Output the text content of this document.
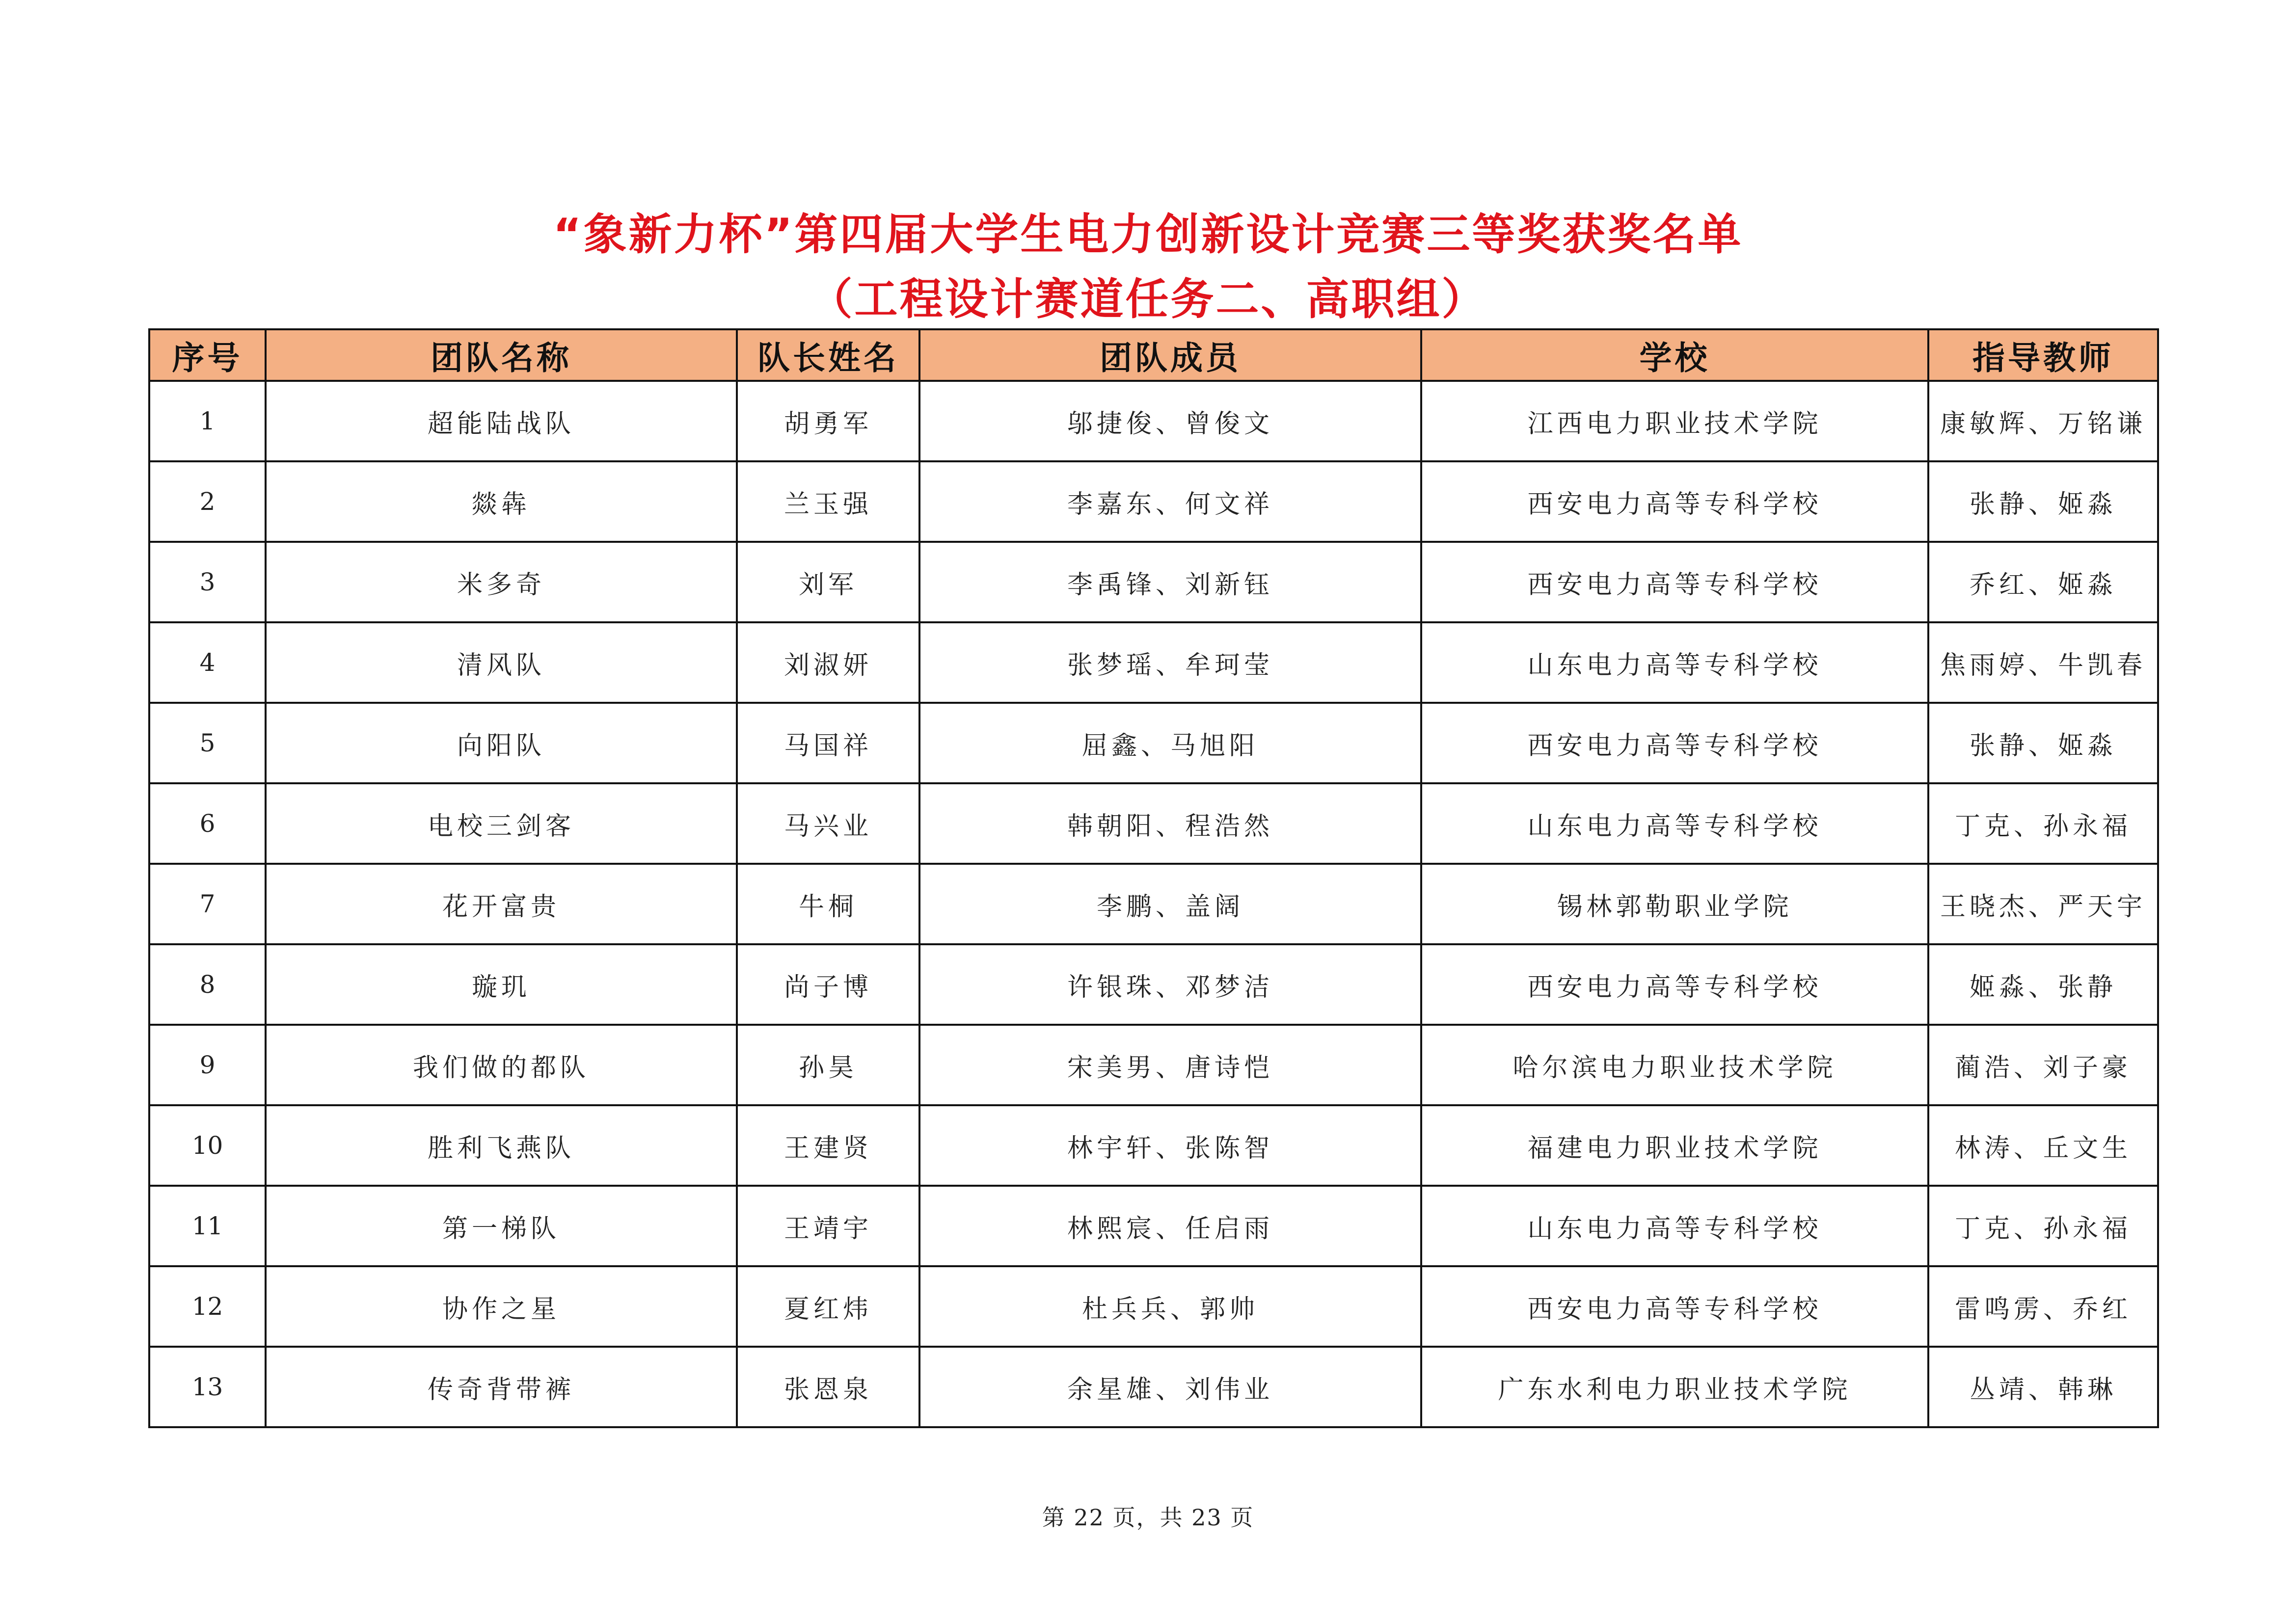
“象新力杯”第四届大学生电力创新设计竞赛三等奖获奖名单
（工程设计赛道任务二、高职组）
序号	团队名称	队长姓名	团队成员	学校	指导教师
1	超能陆战队	胡勇军	邬捷俊、曾俊文	江西电力职业技术学院	康敏辉、万铭谦
2	燚犇	兰玉强	李嘉东、何文祥	西安电力高等专科学校	张静、姬淼
3	米多奇	刘军	李禹锋、刘新钰	西安电力高等专科学校	乔红、姬淼
4	清风队	刘淑妍	张梦瑶、牟珂莹	山东电力高等专科学校	焦雨婷、牛凯春
5	向阳队	马国祥	屈鑫、马旭阳	西安电力高等专科学校	张静、姬淼
6	电校三剑客	马兴业	韩朝阳、程浩然	山东电力高等专科学校	丁克、孙永福
7	花开富贵	牛桐	李鹏、盖阔	锡林郭勒职业学院	王晓杰、严天宇
8	璇玑	尚子博	许银珠、邓梦洁	西安电力高等专科学校	姬淼、张静
9	我们做的都队	孙昊	宋美男、唐诗恺	哈尔滨电力职业技术学院	蔺浩、刘子豪
10	胜利飞燕队	王建贤	林宇轩、张陈智	福建电力职业技术学院	林涛、丘文生
11	第一梯队	王靖宇	林熙宸、任启雨	山东电力高等专科学校	丁克、孙永福
12	协作之星	夏红炜	杜兵兵、郭帅	西安电力高等专科学校	雷鸣雳、乔红
13	传奇背带裤	张恩泉	余星雄、刘伟业	广东水利电力职业技术学院	丛靖、韩琳
第 22 页，共 23 页
